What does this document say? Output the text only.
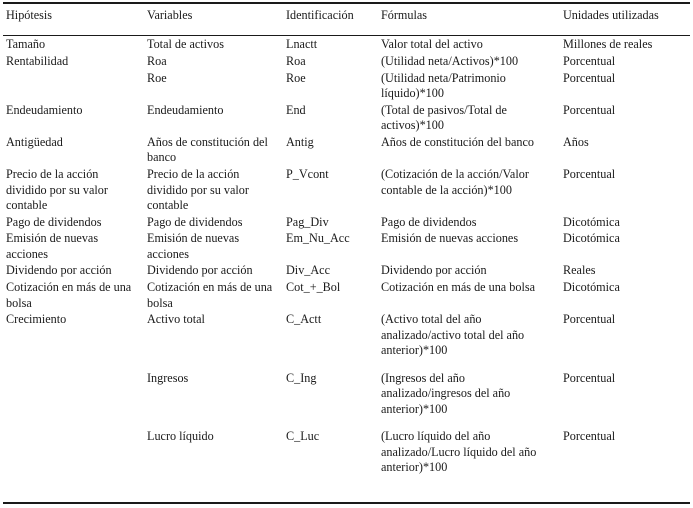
Hipótesis	Variables	Identificación	Fórmulas	Unidades utilizadas
Tamaño	Total de activos	Lnactt	Valor total del activo	Millones de reales
Rentabilidad	Roa	Roa	(Utilidad neta/Activos)*100	Porcentual
	Roe	Roe	(Utilidad neta/Patrimonio líquido)*100	Porcentual
Endeudamiento	Endeudamiento	End	(Total de pasivos/Total de activos)*100	Porcentual
Antigüedad	Años de constitución del banco	Antig	Años de constitución del banco	Años
Precio de la acción dividido por su valor contable	Precio de la acción dividido por su valor contable	P_Vcont	(Cotización de la acción/Valor contable de la acción)*100	Porcentual
Pago de dividendos	Pago de dividendos	Pag_Div	Pago de dividendos	Dicotómica
Emisión de nuevas acciones	Emisión de nuevas acciones	Em_Nu_Acc	Emisión de nuevas acciones	Dicotómica
Dividendo por acción	Dividendo por acción	Div_Acc	Dividendo por acción	Reales
Cotización en más de una bolsa	Cotización en más de una bolsa	Cot_+_Bol	Cotización en más de una bolsa	Dicotómica
Crecimiento	Activo total	C_Actt	(Activo total del año analizado/activo total del año anterior)*100	Porcentual
	Ingresos	C_Ing	(Ingresos del año analizado/ingresos del año anterior)*100	Porcentual
	Lucro líquido	C_Luc	(Lucro líquido del año analizado/Lucro líquido del año anterior)*100	Porcentual
